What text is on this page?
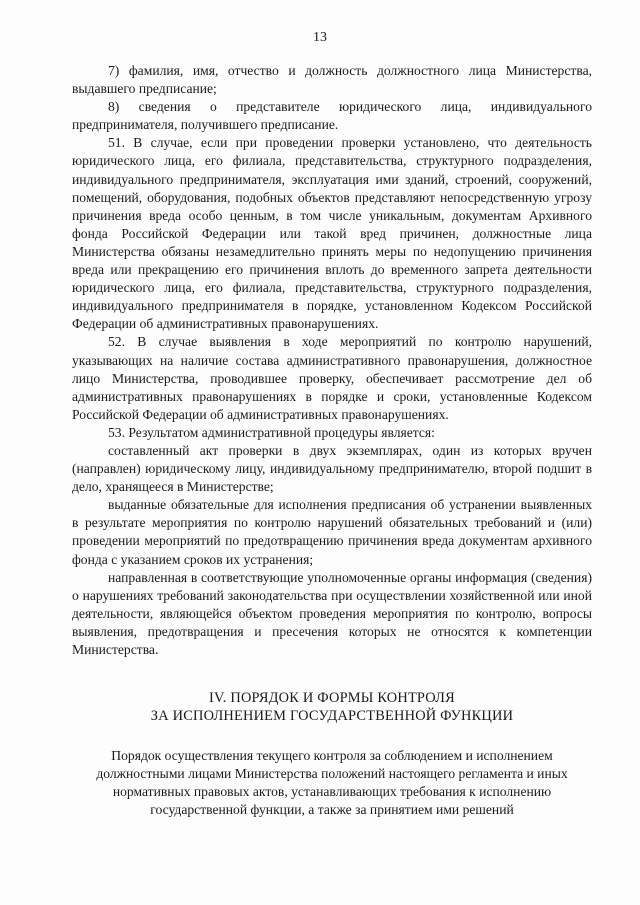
13

7) фамилия, имя, отчество и должность должностного лица Министерства, выдавшего предписание;

8) сведения о представителе юридического лица, индивидуального предпринимателя, получившего предписание.

51. В случае, если при проведении проверки установлено, что деятельность юридического лица, его филиала, представительства, структурного подразделения, индивидуального предпринимателя, эксплуатация ими зданий, строений, сооружений, помещений, оборудования, подобных объектов представляют непосредственную угрозу причинения вреда особо ценным, в том числе уникальным, документам Архивного фонда Российской Федерации или такой вред причинен, должностные лица Министерства обязаны незамедлительно принять меры по недопущению причинения вреда или прекращению его причинения вплоть до временного запрета деятельности юридического лица, его филиала, представительства, структурного подразделения, индивидуального предпринимателя в порядке, установленном Кодексом Российской Федерации об административных правонарушениях.

52. В случае выявления в ходе мероприятий по контролю нарушений, указывающих на наличие состава административного правонарушения, должностное лицо Министерства, проводившее проверку, обеспечивает рассмотрение дел об административных правонарушениях в порядке и сроки, установленные Кодексом Российской Федерации об административных правонарушениях.

53. Результатом административной процедуры является:

составленный акт проверки в двух экземплярах, один из которых вручен (направлен) юридическому лицу, индивидуальному предпринимателю, второй подшит в дело, хранящееся в Министерстве;

выданные обязательные для исполнения предписания об устранении выявленных в результате мероприятия по контролю нарушений обязательных требований и (или) проведении мероприятий по предотвращению причинения вреда документам архивного фонда с указанием сроков их устранения;

направленная в соответствующие уполномоченные органы информация (сведения) о нарушениях требований законодательства при осуществлении хозяйственной или иной деятельности, являющейся объектом проведения мероприятия по контролю, вопросы выявления, предотвращения и пресечения которых не относятся к компетенции Министерства.

IV. ПОРЯДОК И ФОРМЫ КОНТРОЛЯ
ЗА ИСПОЛНЕНИЕМ ГОСУДАРСТВЕННОЙ ФУНКЦИИ
Порядок осуществления текущего контроля за соблюдением и исполнением
должностными лицами Министерства положений настоящего регламента и иных
нормативных правовых актов, устанавливающих требования к исполнению
государственной функции, а также за принятием ими решений
